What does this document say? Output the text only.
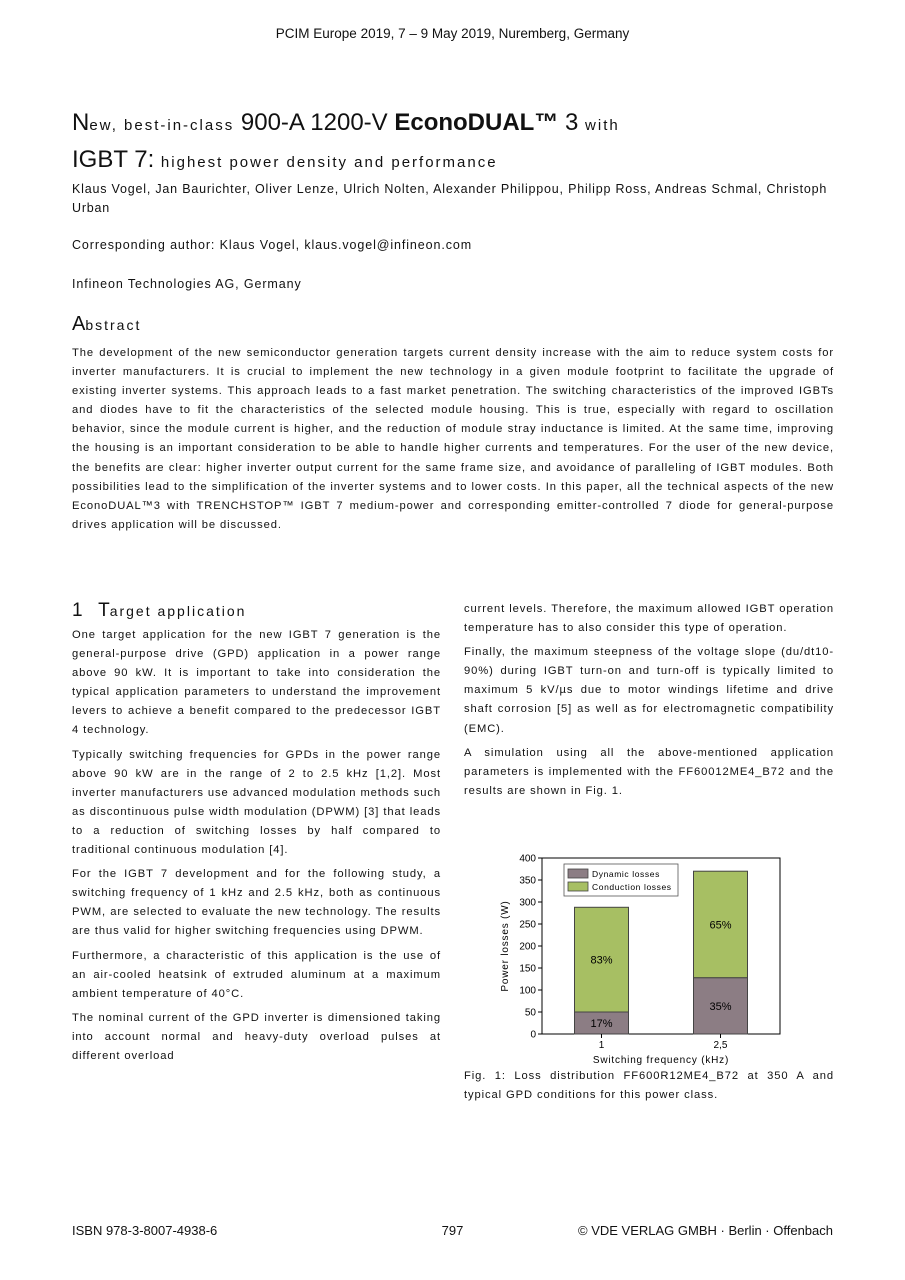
PCIM Europe 2019, 7 – 9 May 2019, Nuremberg, Germany
New, best-in-class 900-A 1200-V EconoDUAL™ 3 with
IGBT 7: highest power density and performance
Klaus Vogel, Jan Baurichter, Oliver Lenze, Ulrich Nolten, Alexander Philippou, Philipp Ross, Andreas Schmal, Christoph Urban
Corresponding author: Klaus Vogel, klaus.vogel@infineon.com
Infineon Technologies AG, Germany
Abstract

The development of the new semiconductor generation targets current density increase with the aim to reduce system costs for inverter manufacturers. It is crucial to implement the new technology in a given module footprint to facilitate the upgrade of existing inverter systems. This approach leads to a fast market penetration. The switching characteristics of the improved IGBTs and diodes have to fit the characteristics of the selected module housing. This is true, especially with regard to oscillation behavior, since the module current is higher, and the reduction of module stray inductance is limited. At the same time, improving the housing is an important consideration to be able to handle higher currents and temperatures. For the user of the new device, the benefits are clear: higher inverter output current for the same frame size, and avoidance of paralleling of IGBT modules. Both possibilities lead to the simplification of the inverter systems and to lower costs. In this paper, all the technical aspects of the new EconoDUAL™3 with TRENCHSTOP™ IGBT 7 medium-power and corresponding emitter-controlled 7 diode for general-purpose drives application will be discussed.

1 Target application

One target application for the new IGBT 7 generation is the general-purpose drive (GPD) application in a power range above 90 kW. It is important to take into consideration the typical application parameters to understand the improvement levers to achieve a benefit compared to the predecessor IGBT 4 technology.

Typically switching frequencies for GPDs in the power range above 90 kW are in the range of 2 to 2.5 kHz [1,2]. Most inverter manufacturers use advanced modulation methods such as discontinuous pulse width modulation (DPWM) [3] that leads to a reduction of switching losses by half compared to traditional continuous modulation [4].

For the IGBT 7 development and for the following study, a switching frequency of 1 kHz and 2.5 kHz, both as continuous PWM, are selected to evaluate the new technology. The results are thus valid for higher switching frequencies using DPWM.

Furthermore, a characteristic of this application is the use of an air-cooled heatsink of extruded aluminum at a maximum ambient temperature of 40°C.

The nominal current of the GPD inverter is dimensioned taking into account normal and heavy-duty overload pulses at different overload

current levels. Therefore, the maximum allowed IGBT operation temperature has to also consider this type of operation.

Finally, the maximum steepness of the voltage slope (du/dt10-90%) during IGBT turn-on and turn-off is typically limited to maximum 5 kV/µs due to motor windings lifetime and drive shaft corrosion [5] as well as for electromagnetic compatibility (EMC).

A simulation using all the above-mentioned application parameters is implemented with the FF60012ME4_B72 and the results are shown in Fig. 1.

0
50
100
150
200
250
300
350
400
17%
83%
1
35%
65%
2,5
Switching frequency (kHz)
Power losses (W)
Dynamic losses
Conduction losses

Fig. 1: Loss distribution FF600R12ME4_B72 at 350 A and typical GPD conditions for this power class.

ISBN 978-3-8007-4938-6	797	© VDE VERLAG GMBH · Berlin · Offenbach
